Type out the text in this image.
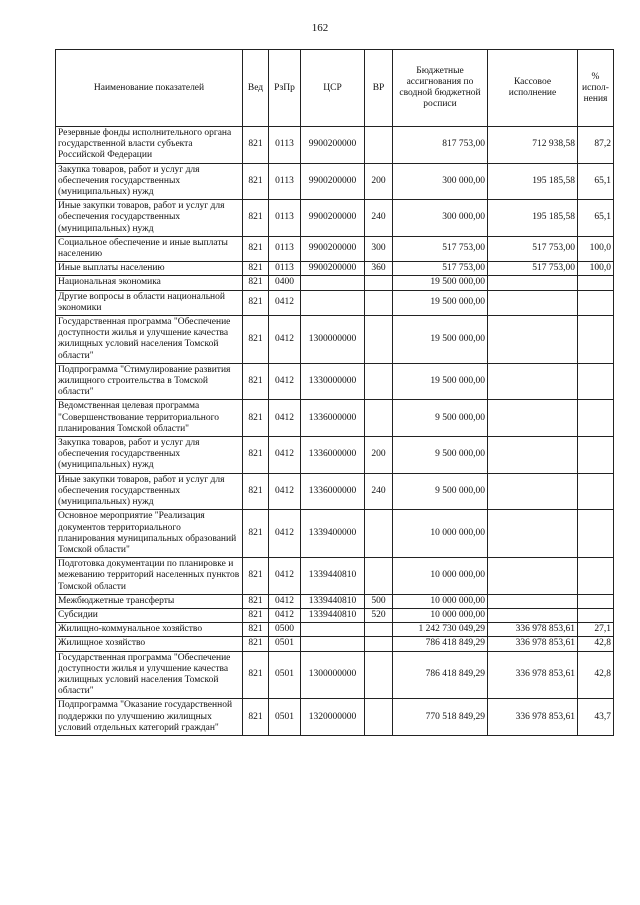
162
Наименование показателей	Вед	РзПр	ЦСР	ВР	Бюджетные ассигнования по сводной бюджетной росписи	Кассовое исполнение	% испол-нения
Резервные фонды исполнительного органа государственной власти субъекта Российской Федерации	821	0113	9900200000		817 753,00	712 938,58	87,2
Закупка товаров, работ и услуг для обеспечения государственных (муниципальных) нужд	821	0113	9900200000	200	300 000,00	195 185,58	65,1
Иные закупки товаров, работ и услуг для обеспечения государственных (муниципальных) нужд	821	0113	9900200000	240	300 000,00	195 185,58	65,1
Социальное обеспечение и иные выплаты населению	821	0113	9900200000	300	517 753,00	517 753,00	100,0
Иные выплаты населению	821	0113	9900200000	360	517 753,00	517 753,00	100,0
Национальная экономика	821	0400			19 500 000,00		
Другие вопросы в области национальной экономики	821	0412			19 500 000,00		
Государственная программа "Обеспечение доступности жилья и улучшение качества жилищных условий населения Томской области"	821	0412	1300000000		19 500 000,00		
Подпрограмма "Стимулирование развития жилищного строительства в Томской области"	821	0412	1330000000		19 500 000,00		
Ведомственная целевая программа "Совершенствование территориального планирования Томской области"	821	0412	1336000000		9 500 000,00		
Закупка товаров, работ и услуг для обеспечения государственных (муниципальных) нужд	821	0412	1336000000	200	9 500 000,00		
Иные закупки товаров, работ и услуг для обеспечения государственных (муниципальных) нужд	821	0412	1336000000	240	9 500 000,00		
Основное мероприятие "Реализация документов территориального планирования муниципальных образований Томской области"	821	0412	1339400000		10 000 000,00		
Подготовка документации по планировке и межеванию территорий населенных пунктов Томской области	821	0412	1339440810		10 000 000,00		
Межбюджетные трансферты	821	0412	1339440810	500	10 000 000,00		
Субсидии	821	0412	1339440810	520	10 000 000,00		
Жилищно-коммунальное хозяйство	821	0500			1 242 730 049,29	336 978 853,61	27,1
Жилищное хозяйство	821	0501			786 418 849,29	336 978 853,61	42,8
Государственная программа "Обеспечение доступности жилья и улучшение качества жилищных условий населения Томской области"	821	0501	1300000000		786 418 849,29	336 978 853,61	42,8
Подпрограмма "Оказание государственной поддержки по улучшению жилищных условий отдельных категорий граждан"	821	0501	1320000000		770 518 849,29	336 978 853,61	43,7
